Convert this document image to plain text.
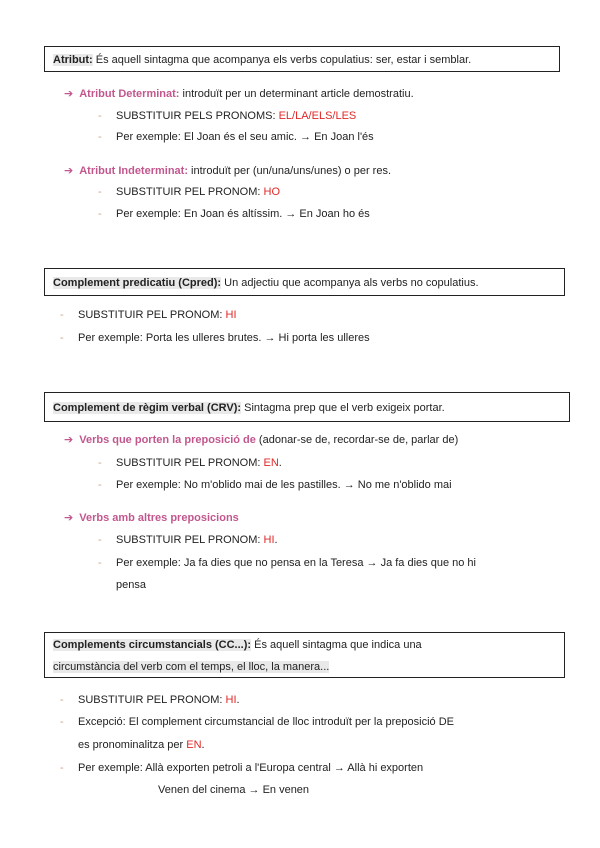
Atribut: És aquell sintagma que acompanya els verbs copulatius: ser, estar i semblar.
➔ Atribut Determinat: introduït per un determinant article demostratiu.
- SUBSTITUIR PELS PRONOMS: EL/LA/ELS/LES
- Per exemple: El Joan és el seu amic. → En Joan l'és
➔ Atribut Indeterminat: introduït per (un/una/uns/unes) o per res.
- SUBSTITUIR PEL PRONOM: HO
- Per exemple: En Joan és altíssim. → En Joan ho és
Complement predicatiu (Cpred): Un adjectiu que acompanya als verbs no copulatius.
- SUBSTITUIR PEL PRONOM: HI
- Per exemple: Porta les ulleres brutes. → Hi porta les ulleres
Complement de règim verbal (CRV): Sintagma prep que el verb exigeix portar.
➔ Verbs que porten la preposició de (adonar-se de, recordar-se de, parlar de)
- SUBSTITUIR PEL PRONOM: EN.
- Per exemple: No m'oblido mai de les pastilles. → No me n'oblido mai
➔ Verbs amb altres preposicions
- SUBSTITUIR PEL PRONOM: HI.
- Per exemple: Ja fa dies que no pensa en la Teresa → Ja fa dies que no hi
pensa
Complements circumstancials (CC...): És aquell sintagma que indica una
circumstància del verb com el temps, el lloc, la manera...
- SUBSTITUIR PEL PRONOM: HI.
- Excepció: El complement circumstancial de lloc introduït per la preposició DE
es pronominalitza per EN.
- Per exemple: Allà exporten petroli a l'Europa central → Allà hi exporten
Venen del cinema → En venen
